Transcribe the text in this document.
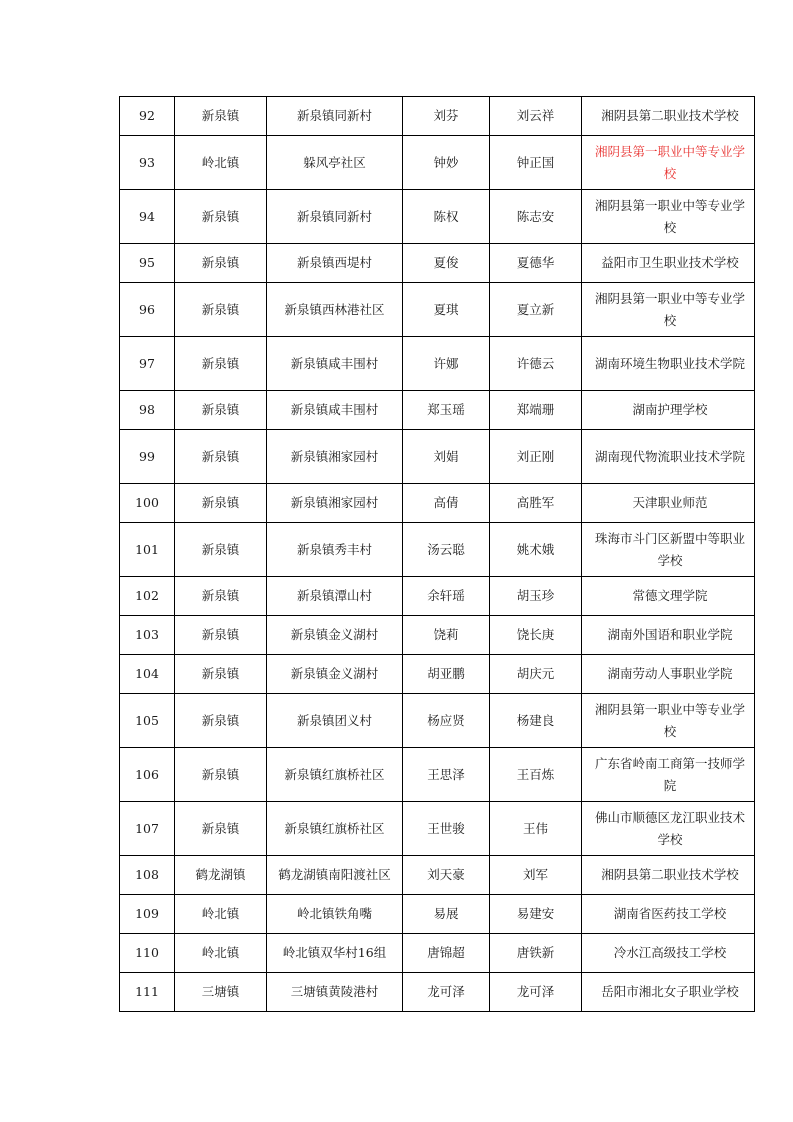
92	新泉镇	新泉镇同新村	刘芬	刘云祥	湘阴县第二职业技术学校
93	岭北镇	躲风亭社区	钟妙	钟正国	湘阴县第一职业中等专业学校
94	新泉镇	新泉镇同新村	陈权	陈志安	湘阴县第一职业中等专业学校
95	新泉镇	新泉镇西堤村	夏俊	夏德华	益阳市卫生职业技术学校
96	新泉镇	新泉镇西林港社区	夏琪	夏立新	湘阴县第一职业中等专业学校
97	新泉镇	新泉镇咸丰围村	许娜	许德云	湖南环境生物职业技术学院
98	新泉镇	新泉镇咸丰围村	郑玉瑶	郑端珊	湖南护理学校
99	新泉镇	新泉镇湘家园村	刘娟	刘正刚	湖南现代物流职业技术学院
100	新泉镇	新泉镇湘家园村	高倩	高胜军	天津职业师范
101	新泉镇	新泉镇秀丰村	汤云聪	姚术娥	珠海市斗门区新盟中等职业学校
102	新泉镇	新泉镇潭山村	余轩瑶	胡玉珍	常德文理学院
103	新泉镇	新泉镇金义湖村	饶莉	饶长庚	湖南外国语和职业学院
104	新泉镇	新泉镇金义湖村	胡亚鹏	胡庆元	湖南劳动人事职业学院
105	新泉镇	新泉镇团义村	杨应贤	杨建良	湘阴县第一职业中等专业学校
106	新泉镇	新泉镇红旗桥社区	王思泽	王百炼	广东省岭南工商第一技师学院
107	新泉镇	新泉镇红旗桥社区	王世骏	王伟	佛山市顺德区龙江职业技术学校
108	鹤龙湖镇	鹤龙湖镇南阳渡社区	刘天豪	刘军	湘阴县第二职业技术学校
109	岭北镇	岭北镇铁角嘴	易展	易建安	湖南省医药技工学校
110	岭北镇	岭北镇双华村16组	唐锦超	唐铁新	冷水江高级技工学校
111	三塘镇	三塘镇黄陵港村	龙可泽	龙可泽	岳阳市湘北女子职业学校
